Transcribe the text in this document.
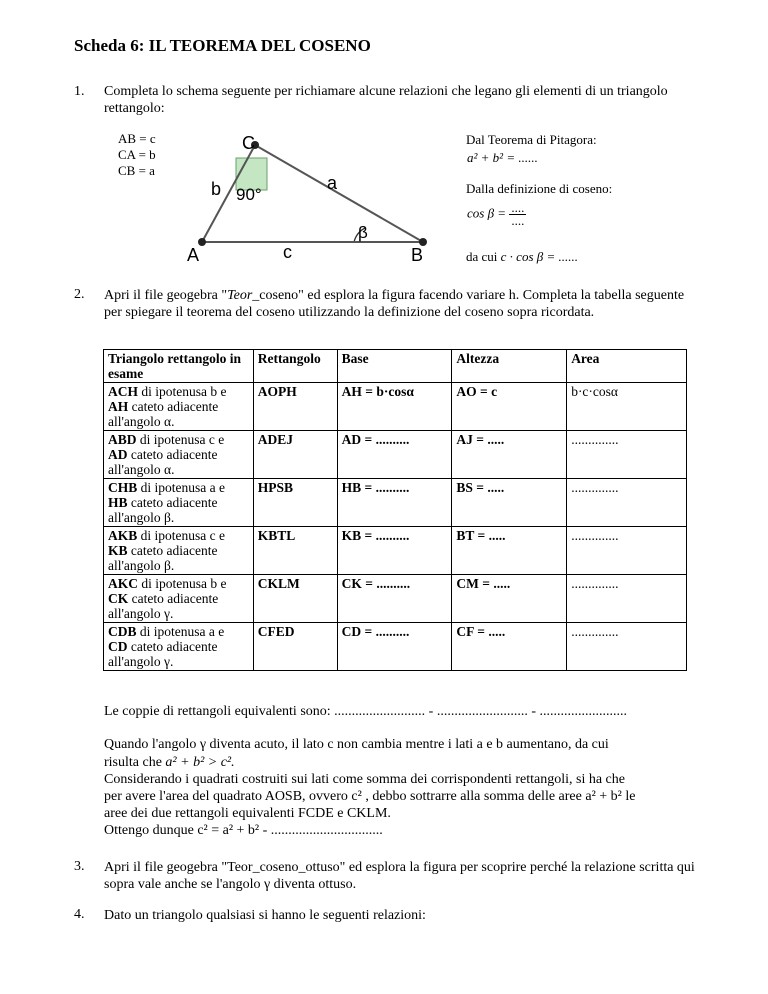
Scheda 6: IL TEOREMA DEL COSENO
1. Completa lo schema seguente per richiamare alcune relazioni che legano gli elementi di un triangolo rettangolo:
AB = c
CA = b
CB = a
C
A	B
b	a
c
90°
β
Dal Teorema di Pitagora:
a² + b² = ......
Dalla definizione di coseno:
$\cos \beta = \frac{....}{....}$
da cui c · cos β = ......
2. Apri il file geogebra "Teor_coseno" ed esplora la figura facendo variare h. Completa la tabella seguente per spiegare il teorema del coseno utilizzando la definizione del coseno sopra ricordata.
Triangolo rettangolo in esame	Rettangolo	Base	Altezza	Area
ACH di ipotenusa b e
AH cateto adiacente all'angolo α.	AOPH	AH = b·cosα	AO = c	b·c·cosα
ABD di ipotenusa c e
AD cateto adiacente all'angolo α.	ADEJ	AD = ..........	AJ = .....	..............
CHB di ipotenusa a e
HB cateto adiacente all'angolo β.	HPSB	HB = ..........	BS = .....	..............
AKB di ipotenusa c e
KB cateto adiacente all'angolo β.	KBTL	KB = ..........	BT = .....	..............
AKC di ipotenusa b e
CK cateto adiacente all'angolo γ.	CKLM	CK = ..........	CM = .....	..............
CDB di ipotenusa a e
CD cateto adiacente all'angolo γ.	CFED	CD = ..........	CF = .....	..............
Le coppie di rettangoli equivalenti sono: .......................... - .......................... - .........................
Quando l'angolo γ diventa acuto, il lato c non cambia mentre i lati a e b aumentano, da cui
risulta che a² + b² > c².
Considerando i quadrati costruiti sui lati come somma dei corrispondenti rettangoli, si ha che
per avere l'area del quadrato AOSB, ovvero c² , debbo sottrarre alla somma delle aree a² + b² le
aree dei due rettangoli equivalenti FCDE e CKLM.
Ottengo dunque c² = a² + b² - ................................
3. Apri il file geogebra "Teor_coseno_ottuso" ed esplora la figura per scoprire perché la relazione scritta qui sopra vale anche se l'angolo γ diventa ottuso.
4. Dato un triangolo qualsiasi si hanno le seguenti relazioni:
